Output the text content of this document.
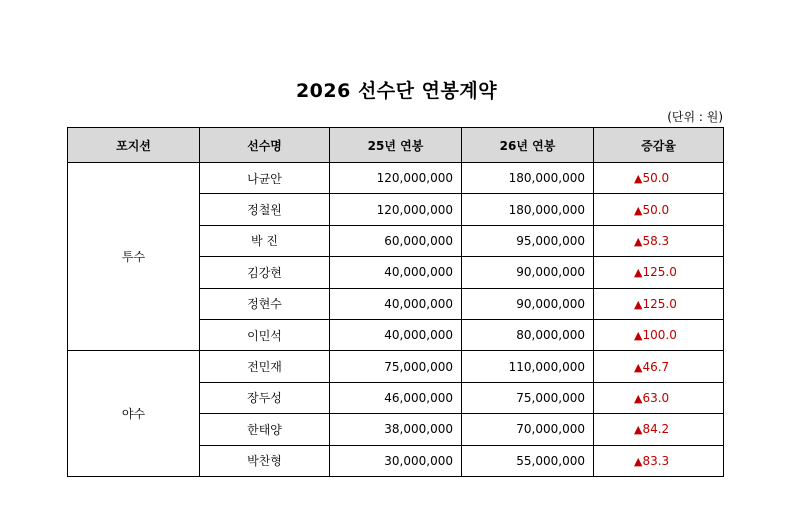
2026 선수단 연봉계약
(단위 : 원)
포지션	선수명	25년 연봉	26년 연봉	증감율
투수	나균안	120,000,000	180,000,000	▲50.0
	정철원	120,000,000	180,000,000	▲50.0
	박 진	60,000,000	95,000,000	▲58.3
	김강현	40,000,000	90,000,000	▲125.0
	정현수	40,000,000	90,000,000	▲125.0
	이민석	40,000,000	80,000,000	▲100.0
야수	전민재	75,000,000	110,000,000	▲46.7
	장두성	46,000,000	75,000,000	▲63.0
	한태양	38,000,000	70,000,000	▲84.2
	박찬형	30,000,000	55,000,000	▲83.3
